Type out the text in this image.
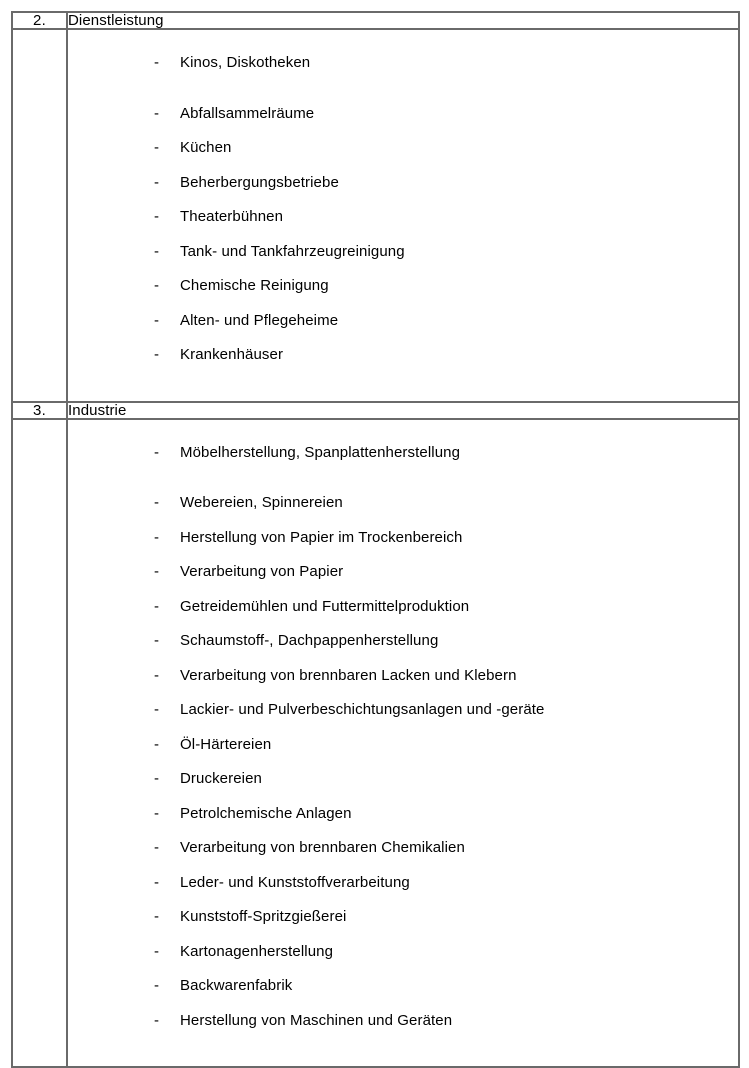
2.	Dienstleistung

- Kinos, Diskotheken
- Abfallsammelräume
- Küchen
- Beherbergungsbetriebe
- Theaterbühnen
- Tank- und Tankfahrzeugreinigung
- Chemische Reinigung
- Alten- und Pflegeheime
- Krankenhäuser

3.	Industrie

- Möbelherstellung, Spanplattenherstellung
- Webereien, Spinnereien
- Herstellung von Papier im Trockenbereich
- Verarbeitung von Papier
- Getreidemühlen und Futtermittelproduktion
- Schaumstoff-, Dachpappenherstellung
- Verarbeitung von brennbaren Lacken und Klebern
- Lackier- und Pulverbeschichtungsanlagen und -geräte
- Öl-Härtereien
- Druckereien
- Petrolchemische Anlagen
- Verarbeitung von brennbaren Chemikalien
- Leder- und Kunststoffverarbeitung
- Kunststoff-Spritzgießerei
- Kartonagenherstellung
- Backwarenfabrik
- Herstellung von Maschinen und Geräten
